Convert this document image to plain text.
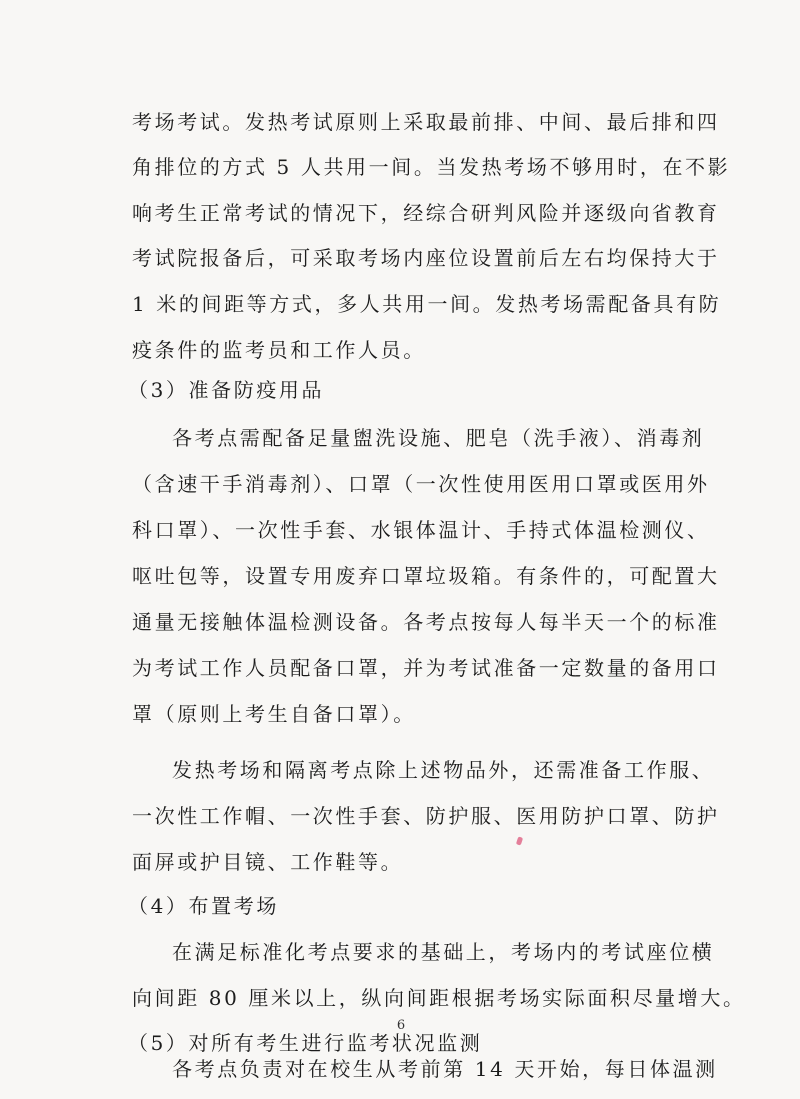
考场考试。发热考试原则上采取最前排、中间、最后排和四
角排位的方式 5 人共用一间。当发热考场不够用时，在不影
响考生正常考试的情况下，经综合研判风险并逐级向省教育
考试院报备后，可采取考场内座位设置前后左右均保持大于
1 米的间距等方式，多人共用一间。发热考场需配备具有防
疫条件的监考员和工作人员。
（3）准备防疫用品
各考点需配备足量盥洗设施、肥皂（洗手液）、消毒剂
（含速干手消毒剂）、口罩（一次性使用医用口罩或医用外
科口罩）、一次性手套、水银体温计、手持式体温检测仪、
呕吐包等，设置专用废弃口罩垃圾箱。有条件的，可配置大
通量无接触体温检测设备。各考点按每人每半天一个的标准
为考试工作人员配备口罩，并为考试准备一定数量的备用口
罩（原则上考生自备口罩）。
发热考场和隔离考点除上述物品外，还需准备工作服、
一次性工作帽、一次性手套、防护服、医用防护口罩、防护
面屏或护目镜、工作鞋等。
（4）布置考场
在满足标准化考点要求的基础上，考场内的考试座位横
向间距 80 厘米以上，纵向间距根据考场实际面积尽量增大。
（5）对所有考生进行监考状况监测
各考点负责对在校生从考前第 14 天开始，每日体温测
6
